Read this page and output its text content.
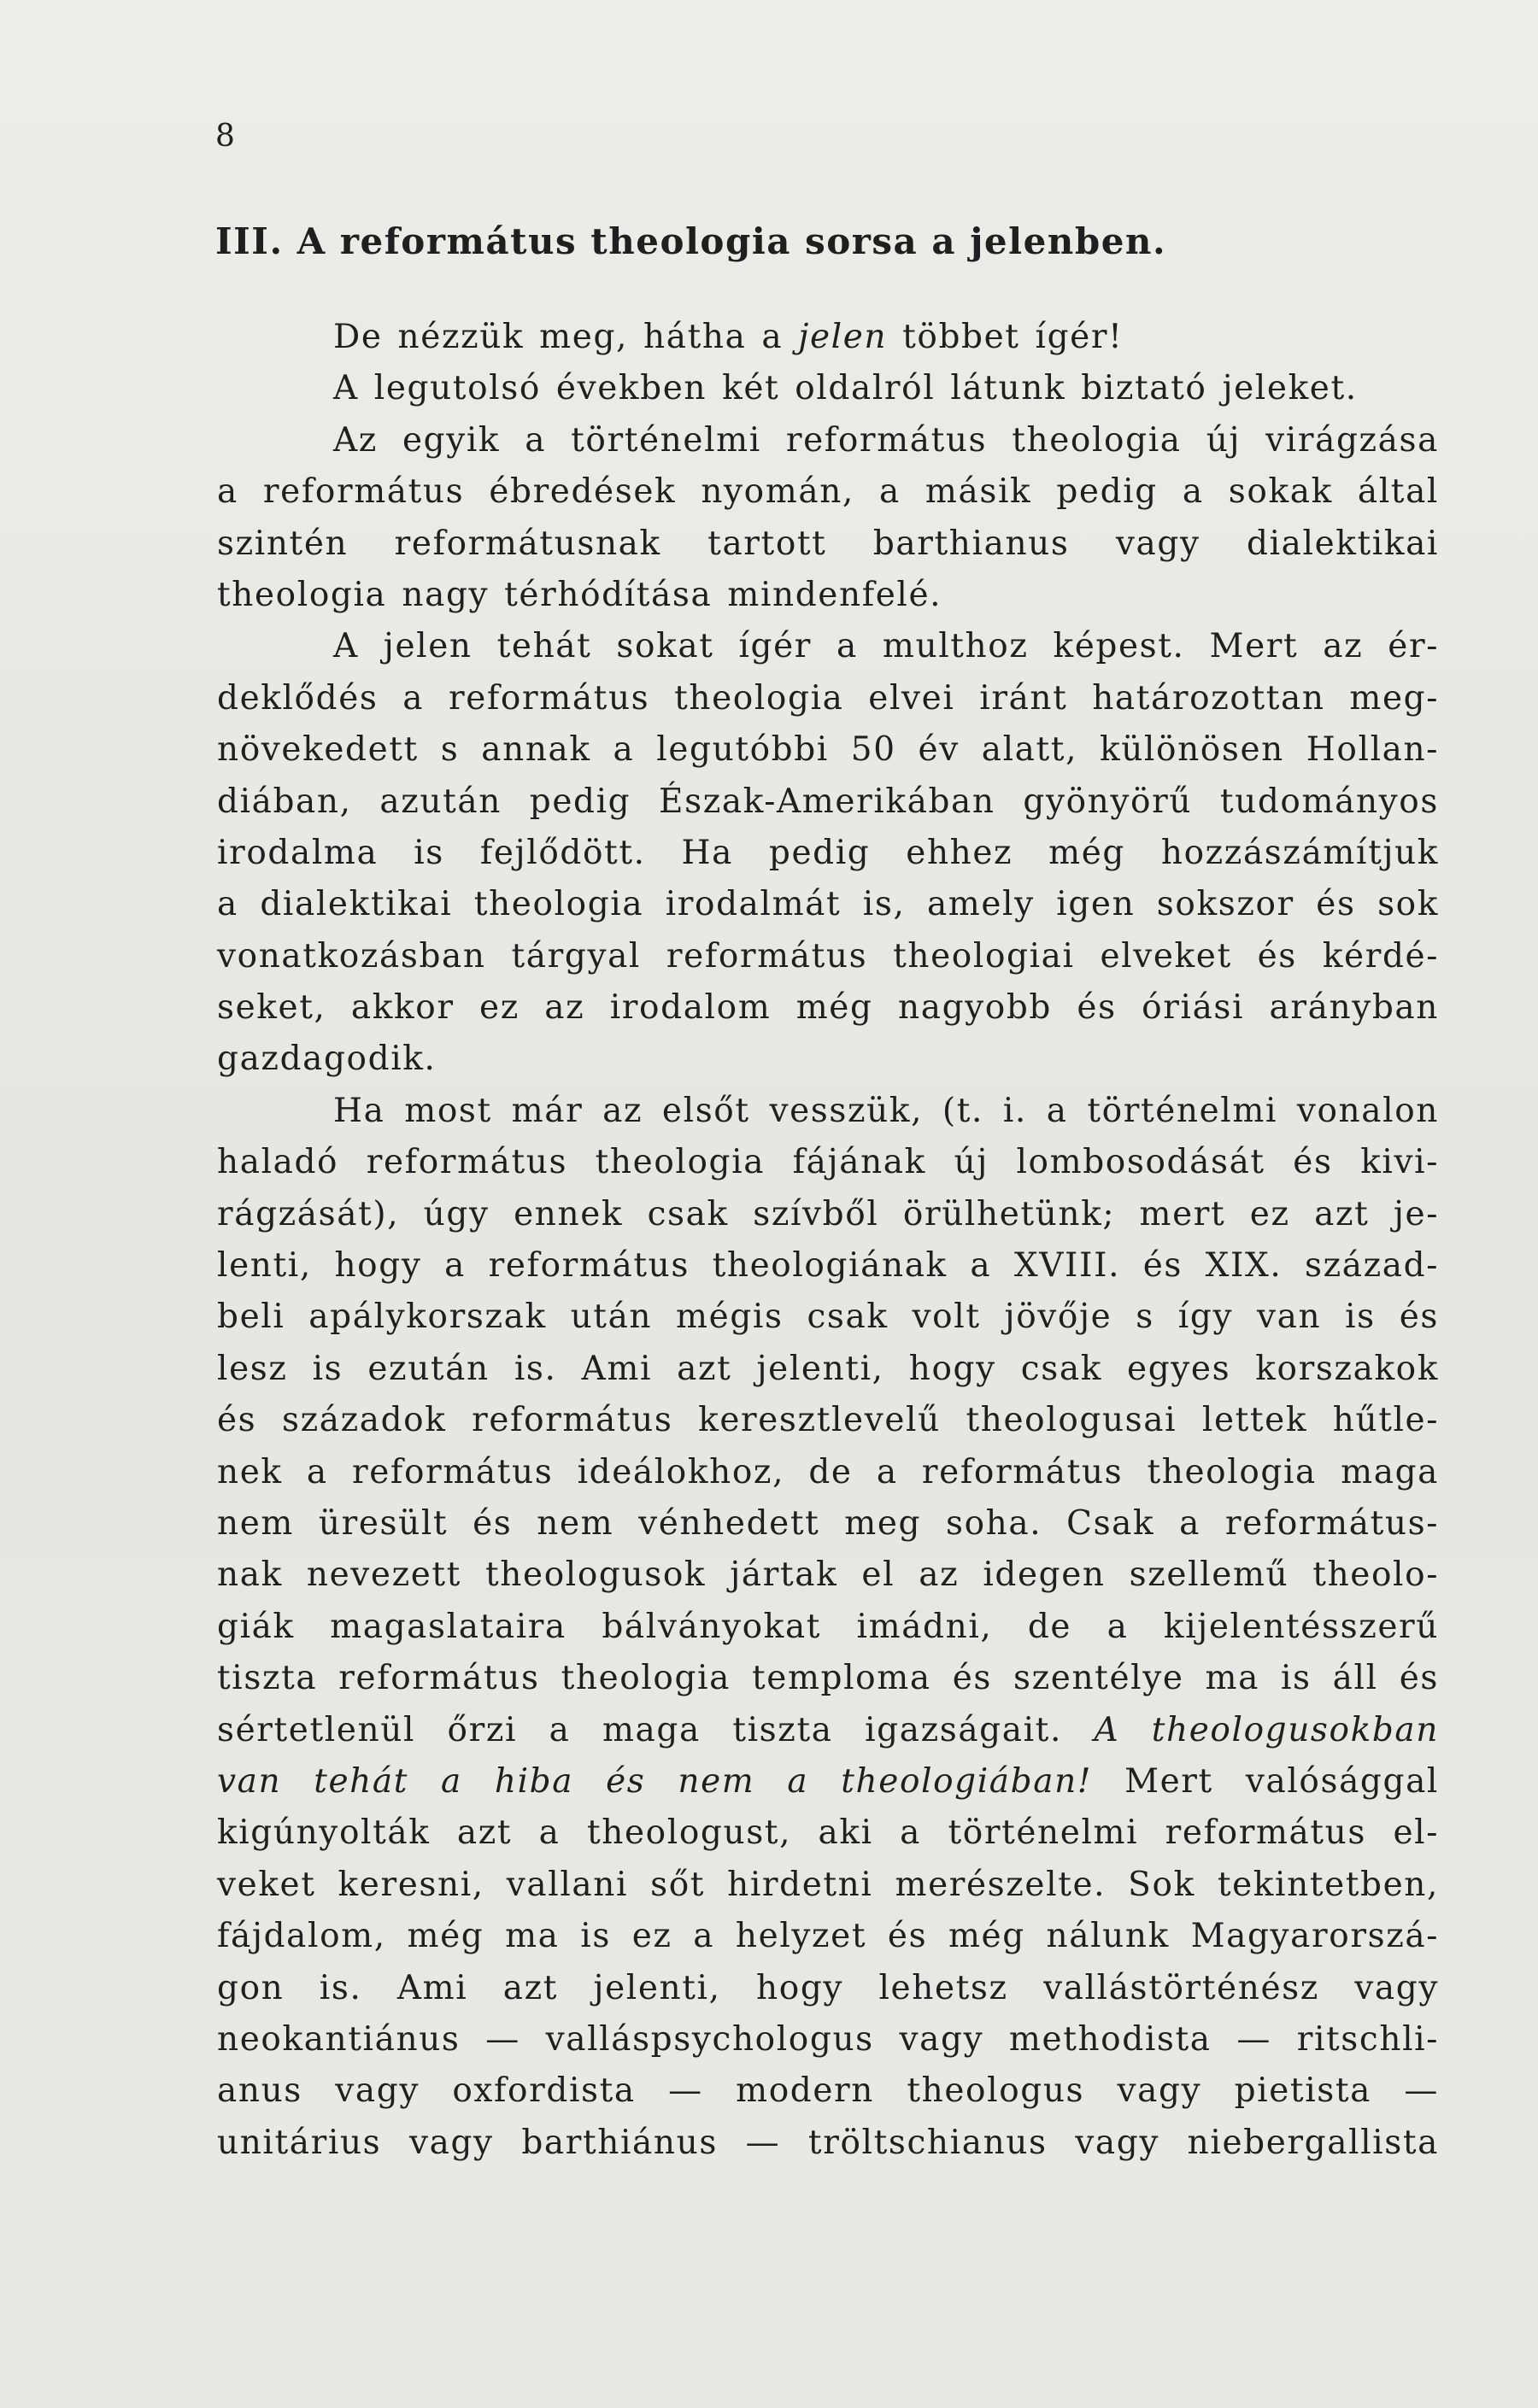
8
III. A református theologia sorsa a jelenben.
De nézzük meg, hátha a jelen többet ígér!
A legutolsó években két oldalról látunk biztató jeleket.
Az egyik a történelmi református theologia új virágzása
a református ébredések nyomán, a másik pedig a sokak által
szintén reformátusnak tartott barthianus vagy dialektikai
theologia nagy térhódítása mindenfelé.
A jelen tehát sokat ígér a multhoz képest. Mert az ér-
deklődés a református theologia elvei iránt határozottan meg-
növekedett s annak a legutóbbi 50 év alatt, különösen Hollan-
diában, azután pedig Észak-Amerikában gyönyörű tudományos
irodalma is fejlődött. Ha pedig ehhez még hozzászámítjuk
a dialektikai theologia irodalmát is, amely igen sokszor és sok
vonatkozásban tárgyal református theologiai elveket és kérdé-
seket, akkor ez az irodalom még nagyobb és óriási arányban
gazdagodik.
Ha most már az elsőt vesszük, (t. i. a történelmi vonalon
haladó református theologia fájának új lombosodását és kivi-
rágzását), úgy ennek csak szívből örülhetünk; mert ez azt je-
lenti, hogy a református theologiának a XVIII. és XIX. század-
beli apálykorszak után mégis csak volt jövője s így van is és
lesz is ezután is. Ami azt jelenti, hogy csak egyes korszakok
és századok református keresztlevelű theologusai lettek hűtle-
nek a református ideálokhoz, de a református theologia maga
nem üresült és nem vénhedett meg soha. Csak a református-
nak nevezett theologusok jártak el az idegen szellemű theolo-
giák magaslataira bálványokat imádni, de a kijelentésszerű
tiszta református theologia temploma és szentélye ma is áll és
sértetlenül őrzi a maga tiszta igazságait. A theologusokban
van tehát a hiba és nem a theologiában! Mert valósággal
kigúnyolták azt a theologust, aki a történelmi református el-
veket keresni, vallani sőt hirdetni merészelte. Sok tekintetben,
fájdalom, még ma is ez a helyzet és még nálunk Magyarorszá-
gon is. Ami azt jelenti, hogy lehetsz vallástörténész vagy
neokantiánus — valláspsychologus vagy methodista — ritschli-
anus vagy oxfordista — modern theologus vagy pietista —
unitárius vagy barthiánus — tröltschianus vagy niebergallista
